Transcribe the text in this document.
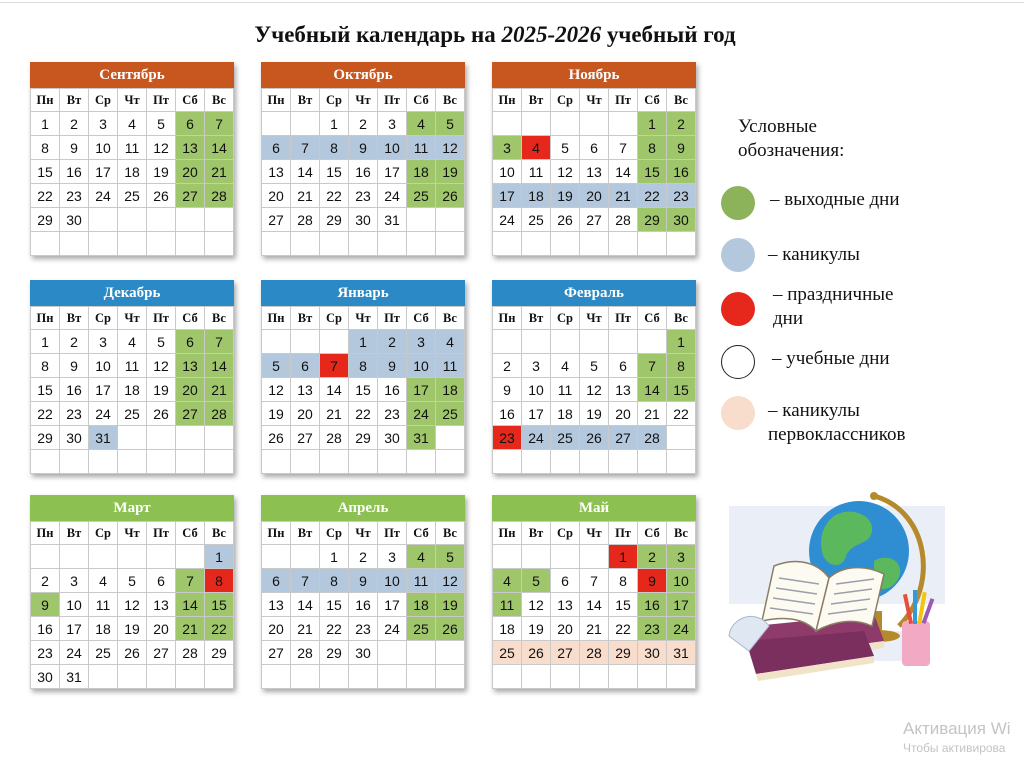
Учебный календарь на 2025-2026 учебный год
Сентябрь
Пн	Вт	Ср	Чт	Пт	Сб	Вс
1	2	3	4	5	6	7
8	9	10	11	12	13	14
15	16	17	18	19	20	21
22	23	24	25	26	27	28
29	30					

Октябрь
Пн	Вт	Ср	Чт	Пт	Сб	Вс
		1	2	3	4	5
6	7	8	9	10	11	12
13	14	15	16	17	18	19
20	21	22	23	24	25	26
27	28	29	30	31		

Ноябрь
Пн	Вт	Ср	Чт	Пт	Сб	Вс
					1	2
3	4	5	6	7	8	9
10	11	12	13	14	15	16
17	18	19	20	21	22	23
24	25	26	27	28	29	30

Декабрь
Пн	Вт	Ср	Чт	Пт	Сб	Вс
1	2	3	4	5	6	7
8	9	10	11	12	13	14
15	16	17	18	19	20	21
22	23	24	25	26	27	28
29	30	31				

Январь
Пн	Вт	Ср	Чт	Пт	Сб	Вс
			1	2	3	4
5	6	7	8	9	10	11
12	13	14	15	16	17	18
19	20	21	22	23	24	25
26	27	28	29	30	31	

Февраль
Пн	Вт	Ср	Чт	Пт	Сб	Вс
						1
2	3	4	5	6	7	8
9	10	11	12	13	14	15
16	17	18	19	20	21	22
23	24	25	26	27	28	

Март
Пн	Вт	Ср	Чт	Пт	Сб	Вс
						1
2	3	4	5	6	7	8
9	10	11	12	13	14	15
16	17	18	19	20	21	22
23	24	25	26	27	28	29
30	31					
Апрель
Пн	Вт	Ср	Чт	Пт	Сб	Вс
		1	2	3	4	5
6	7	8	9	10	11	12
13	14	15	16	17	18	19
20	21	22	23	24	25	26
27	28	29	30			

Май
Пн	Вт	Ср	Чт	Пт	Сб	Вс
				1	2	3
4	5	6	7	8	9	10
11	12	13	14	15	16	17
18	19	20	21	22	23	24
25	26	27	28	29	30	31

Условные обозначения:
– выходные дни
– каникулы
– праздничные дни
– учебные дни
– каникулы первоклассников
Активация Wi
Чтобы активирова
